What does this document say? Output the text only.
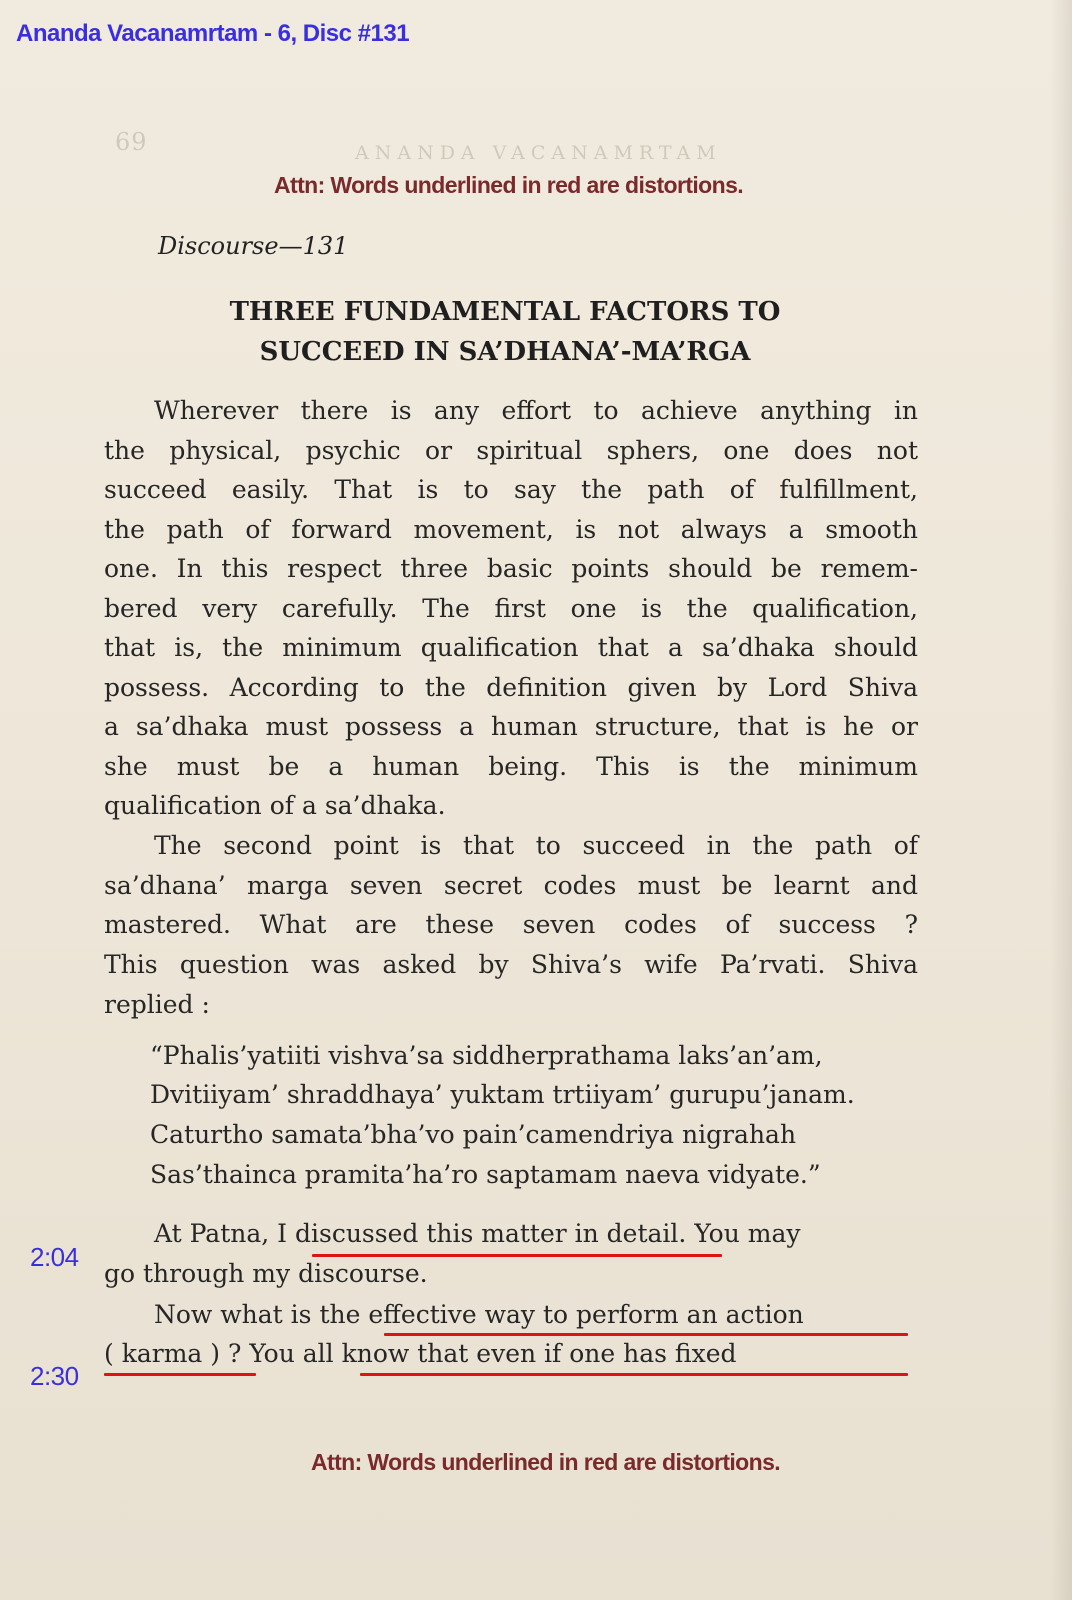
Ananda Vacanamrtam - 6, Disc #131
69	ANANDA VACANAMRTAM
Attn: Words underlined in red are distortions.
Discourse—131
THREE FUNDAMENTAL FACTORS TO
SUCCEED IN SA’DHANA’-MA’RGA
Wherever there is any effort to achieve anything in
the physical, psychic or spiritual sphers, one does not
succeed easily. That is to say the path of fulfillment,
the path of forward movement, is not always a smooth
one. In this respect three basic points should be remem-
bered very carefully. The first one is the qualification,
that is, the minimum qualification that a sa’dhaka should
possess. According to the definition given by Lord Shiva
a sa’dhaka must possess a human structure, that is he or
she must be a human being. This is the minimum
qualification of a sa’dhaka.
The second point is that to succeed in the path of
sa’dhana’ marga seven secret codes must be learnt and
mastered. What are these seven codes of success ?
This question was asked by Shiva’s wife Pa’rvati. Shiva
replied :
“Phalis’yatiiti vishva’sa siddherprathama laks’an’am,
Dvitiiyam’ shraddhaya’ yuktam trtiiyam’ gurupu’janam.
Caturtho samata’bha’vo pain’camendriya nigrahah
Sas’thainca pramita’ha’ro saptamam naeva vidyate.”
At Patna, I discussed this matter in detail. You may
go through my discourse.
Now what is the effective way to perform an action
( karma ) ? You all know that even if one has fixed
2:04
2:30
Attn: Words underlined in red are distortions.
